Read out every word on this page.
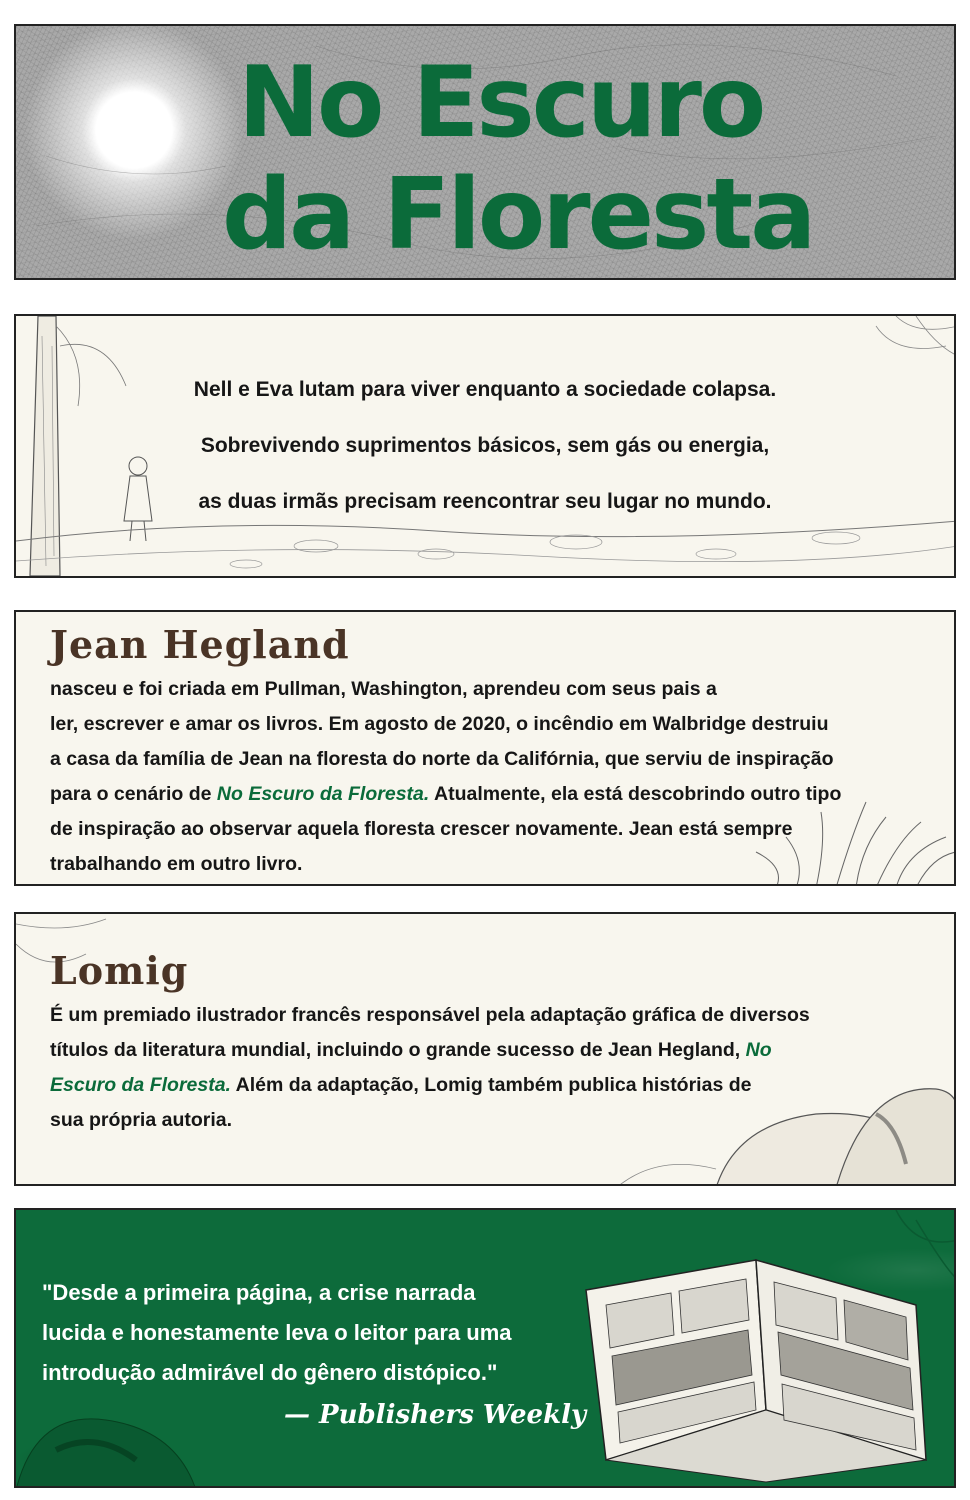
No Escuro
da Floresta

Nell e Eva lutam para viver enquanto a sociedade colapsa.

Sobrevivendo suprimentos básicos, sem gás ou energia,

as duas irmãs precisam reencontrar seu lugar no mundo.

Jean Hegland

nasceu e foi criada em Pullman, Washington, aprendeu com seus pais a
ler, escrever e amar os livros. Em agosto de 2020, o incêndio em Walbridge destruiu
a casa da família de Jean na floresta do norte da Califórnia, que serviu de inspiração
para o cenário de No Escuro da Floresta. Atualmente, ela está descobrindo outro tipo
de inspiração ao observar aquela floresta crescer novamente. Jean está sempre
trabalhando em outro livro.

Lomig

É um premiado ilustrador francês responsável pela adaptação gráfica de diversos
títulos da literatura mundial, incluindo o grande sucesso de Jean Hegland, No
Escuro da Floresta. Além da adaptação, Lomig também publica histórias de
sua própria autoria.

"Desde a primeira página, a crise narrada

lucida e honestamente leva o leitor para uma

introdução admirável do gênero distópico."

— Publishers Weekly
